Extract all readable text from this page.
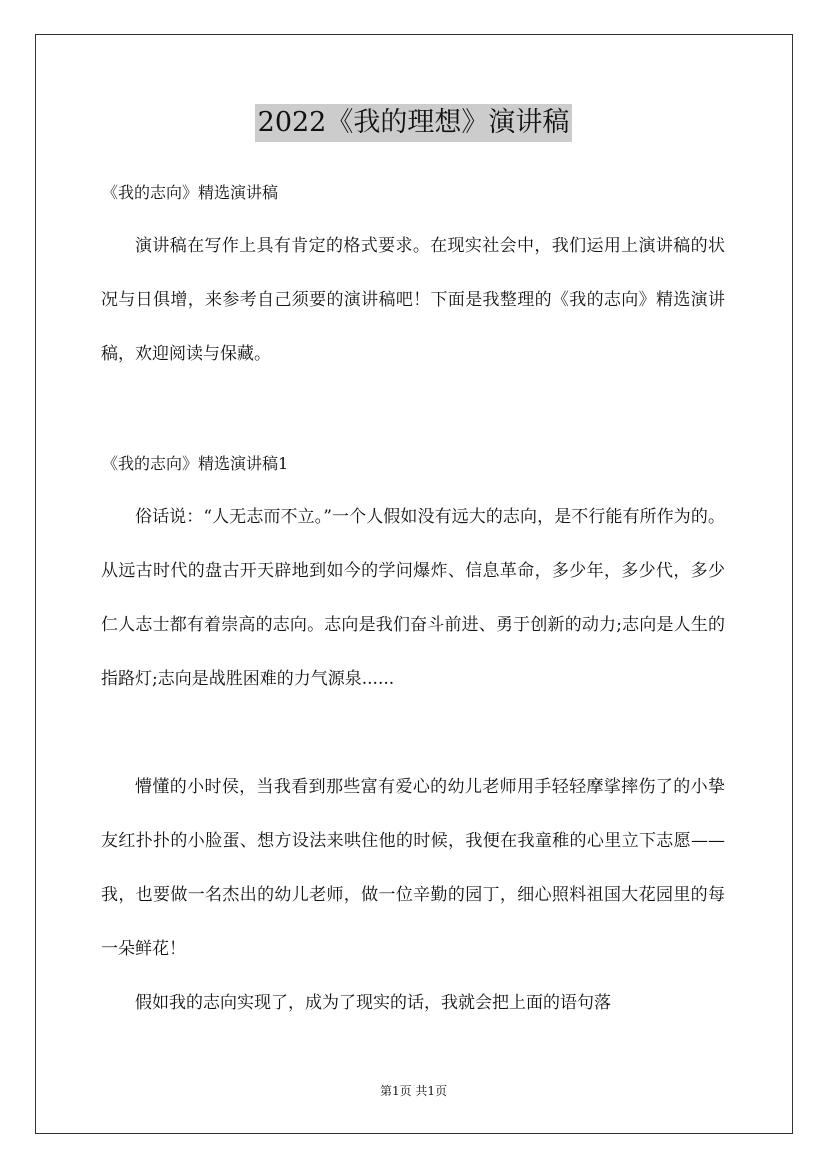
2022《我的理想》演讲稿
《我的志向》精选演讲稿

演讲稿在写作上具有肯定的格式要求。在现实社会中，我们运用上演讲稿的状况与日俱增，来参考自己须要的演讲稿吧！下面是我整理的《我的志向》精选演讲稿，欢迎阅读与保藏。

《我的志向》精选演讲稿1

俗话说：“人无志而不立。”一个人假如没有远大的志向，是不行能有所作为的。从远古时代的盘古开天辟地到如今的学问爆炸、信息革命，多少年，多少代，多少仁人志士都有着崇高的志向。志向是我们奋斗前进、勇于创新的动力;志向是人生的指路灯;志向是战胜困难的力气源泉......

懵懂的小时侯，当我看到那些富有爱心的幼儿老师用手轻轻摩挲摔伤了的小挚友红扑扑的小脸蛋、想方设法来哄住他的时候，我便在我童稚的心里立下志愿——我，也要做一名杰出的幼儿老师，做一位辛勤的园丁，细心照料祖国大花园里的每一朵鲜花！

假如我的志向实现了，成为了现实的话，我就会把上面的语句落

第1页 共1页
